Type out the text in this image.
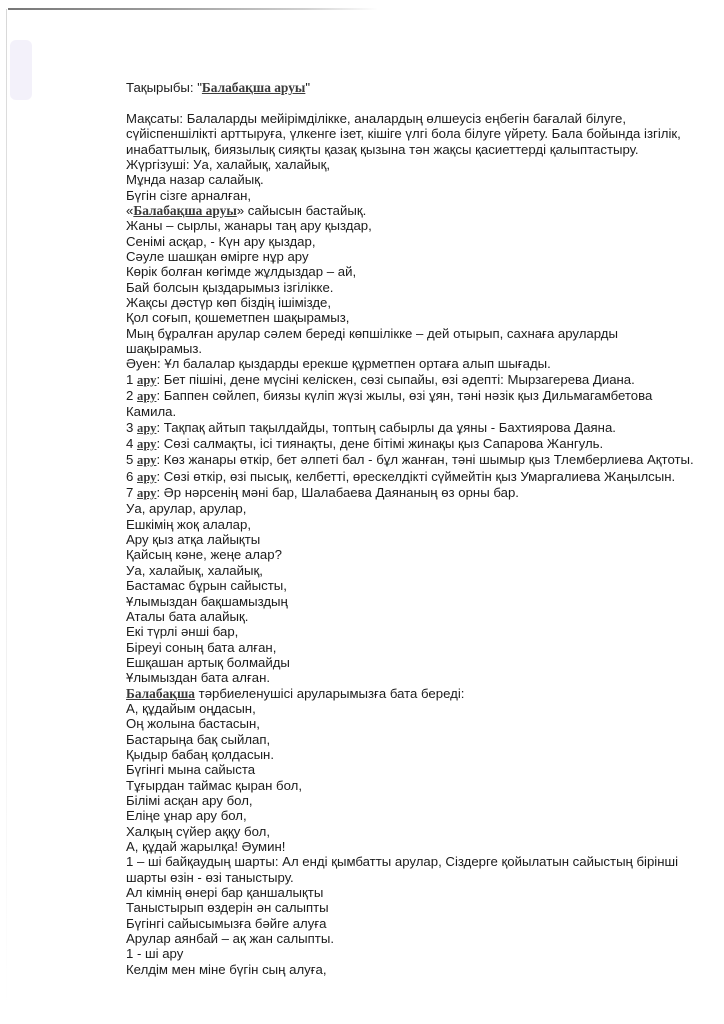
Тақырыбы: "Балабақша аруы"
Мақсаты: Балаларды мейірімділікке, аналардың өлшеусіз еңбегін бағалай білуге, сүйіспеншілікті арттыруға, үлкенге ізет, кішіге үлгі бола білуге үйрету. Бала бойында ізгілік, инабаттылық, биязылық сияқты қазақ қызына тән жақсы қасиеттерді қалыптастыру.
Жүргізуші: Уа, халайық, халайық,
Мұнда назар салайық.
Бүгін сізге арналған,
«Балабақша аруы» сайысын бастайық.
Жаны – сырлы, жанары таң ару қыздар,
Сенімі асқар, - Күн ару қыздар,
Сәуле шашқан өмірге нұр ару
Көрік болған көгімде жұлдыздар – ай,
Бай болсын қыздарымыз ізгілікке.
Жақсы дәстүр көп біздің ішімізде,
Қол соғып, қошеметпен шақырамыз,
Мың бұралған арулар сәлем береді көпшілікке – дей отырып, сахнаға аруларды шақырамыз.
Әуен: Ұл балалар қыздарды ерекше құрметпен ортаға алып шығады.
1 ару: Бет пішіні, дене мүсіні келіскен, сөзі сыпайы, өзі әдепті: Мырзагерева Диана.
2 ару: Баппен сөйлеп, биязы күліп жүзі жылы, өзі ұян, тәні нәзік қыз Дильмагамбетова Камила.
3 ару: Тақпақ айтып тақылдайды, топтың сабырлы да ұяны - Бахтиярова Даяна.
4 ару: Сөзі салмақты, ісі тиянақты, дене бітімі жинақы қыз Сапарова Жангуль.
5 ару: Көз жанары өткір, бет әлпеті бал - бұл жанған, тәні шымыр қыз Тлемберлиева Ақтоты.
6 ару: Сөзі өткір, өзі пысық, келбетті, өрескелдікті сүймейтін қыз Умаргалиева Жаңылсын.
7 ару: Әр нәрсенің мәні бар, Шалабаева Даянаның өз орны бар.
Уа, арулар, арулар,
Ешкімің жоқ алалар,
Ару қыз атқа лайықты
Қайсың кәне, жеңе алар?
Уа, халайық, халайық,
Бастамас бұрын сайысты,
Ұлымыздан бақшамыздың
Аталы бата алайық.
Екі түрлі әнші бар,
Біреуі соның бата алған,
Ешқашан артық болмайды
Ұлымыздан бата алған.
Балабақша тәрбиеленушісі аруларымызға бата береді:
А, құдайым оңдасын,
Оң жолына бастасын,
Бастарыңа бақ сыйлап,
Қыдыр бабаң қолдасын.
Бүгінгі мына сайыста
Тұғырдан таймас қыран бол,
Білімі асқан ару бол,
Еліңе ұнар ару бол,
Халқың сүйер аққу бол,
А, құдай жарылқа! Әумин!
1 – ші байқаудың шарты: Ал енді қымбатты арулар, Сіздерге қойылатын сайыстың бірінші шарты өзін - өзі таныстыру.
Ал кімнің өнері бар қаншалықты
Таныстырып өздерін ән салыпты
Бүгінгі сайысымызға бәйге алуға
Арулар аянбай – ақ жан салыпты.
1 - ші ару
Келдім мен міне бүгін сың алуға,
